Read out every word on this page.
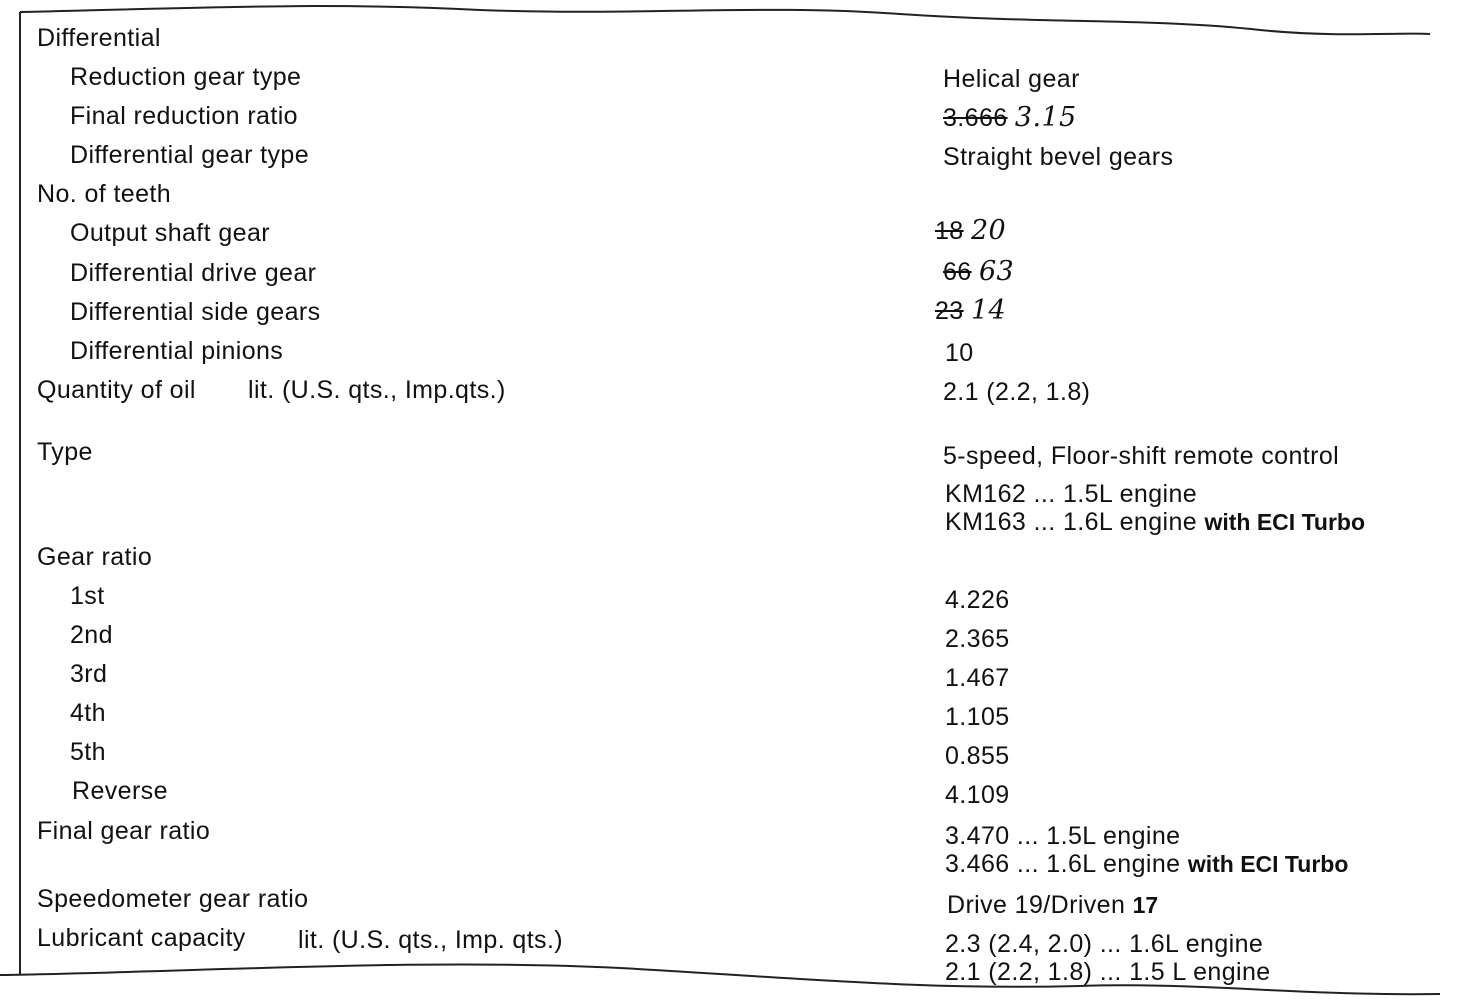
Differential
Reduction gear type	Helical gear
Final reduction ratio	3.666 3.15
Differential gear type	Straight bevel gears
No. of teeth
Output shaft gear	18 20
Differential drive gear	66 63
Differential side gears	23 14
Differential pinions	10
Quantity of oil lit. (U.S. qts., Imp.qts.)	2.1 (2.2, 1.8)
Type	5-speed, Floor-shift remote control
KM162 ... 1.5L engine
KM163 ... 1.6L engine with ECI Turbo
Gear ratio
1st	4.226
2nd	2.365
3rd	1.467
4th	1.105
5th	0.855
Reverse	4.109
Final gear ratio	3.470 ... 1.5L engine
3.466 ... 1.6L engine with ECI Turbo
Speedometer gear ratio	Drive 19/Driven 17
Lubricant capacity lit. (U.S. qts., Imp. qts.)	2.3 (2.4, 2.0) ... 1.6L engine
2.1 (2.2, 1.8) ... 1.5 L engine
